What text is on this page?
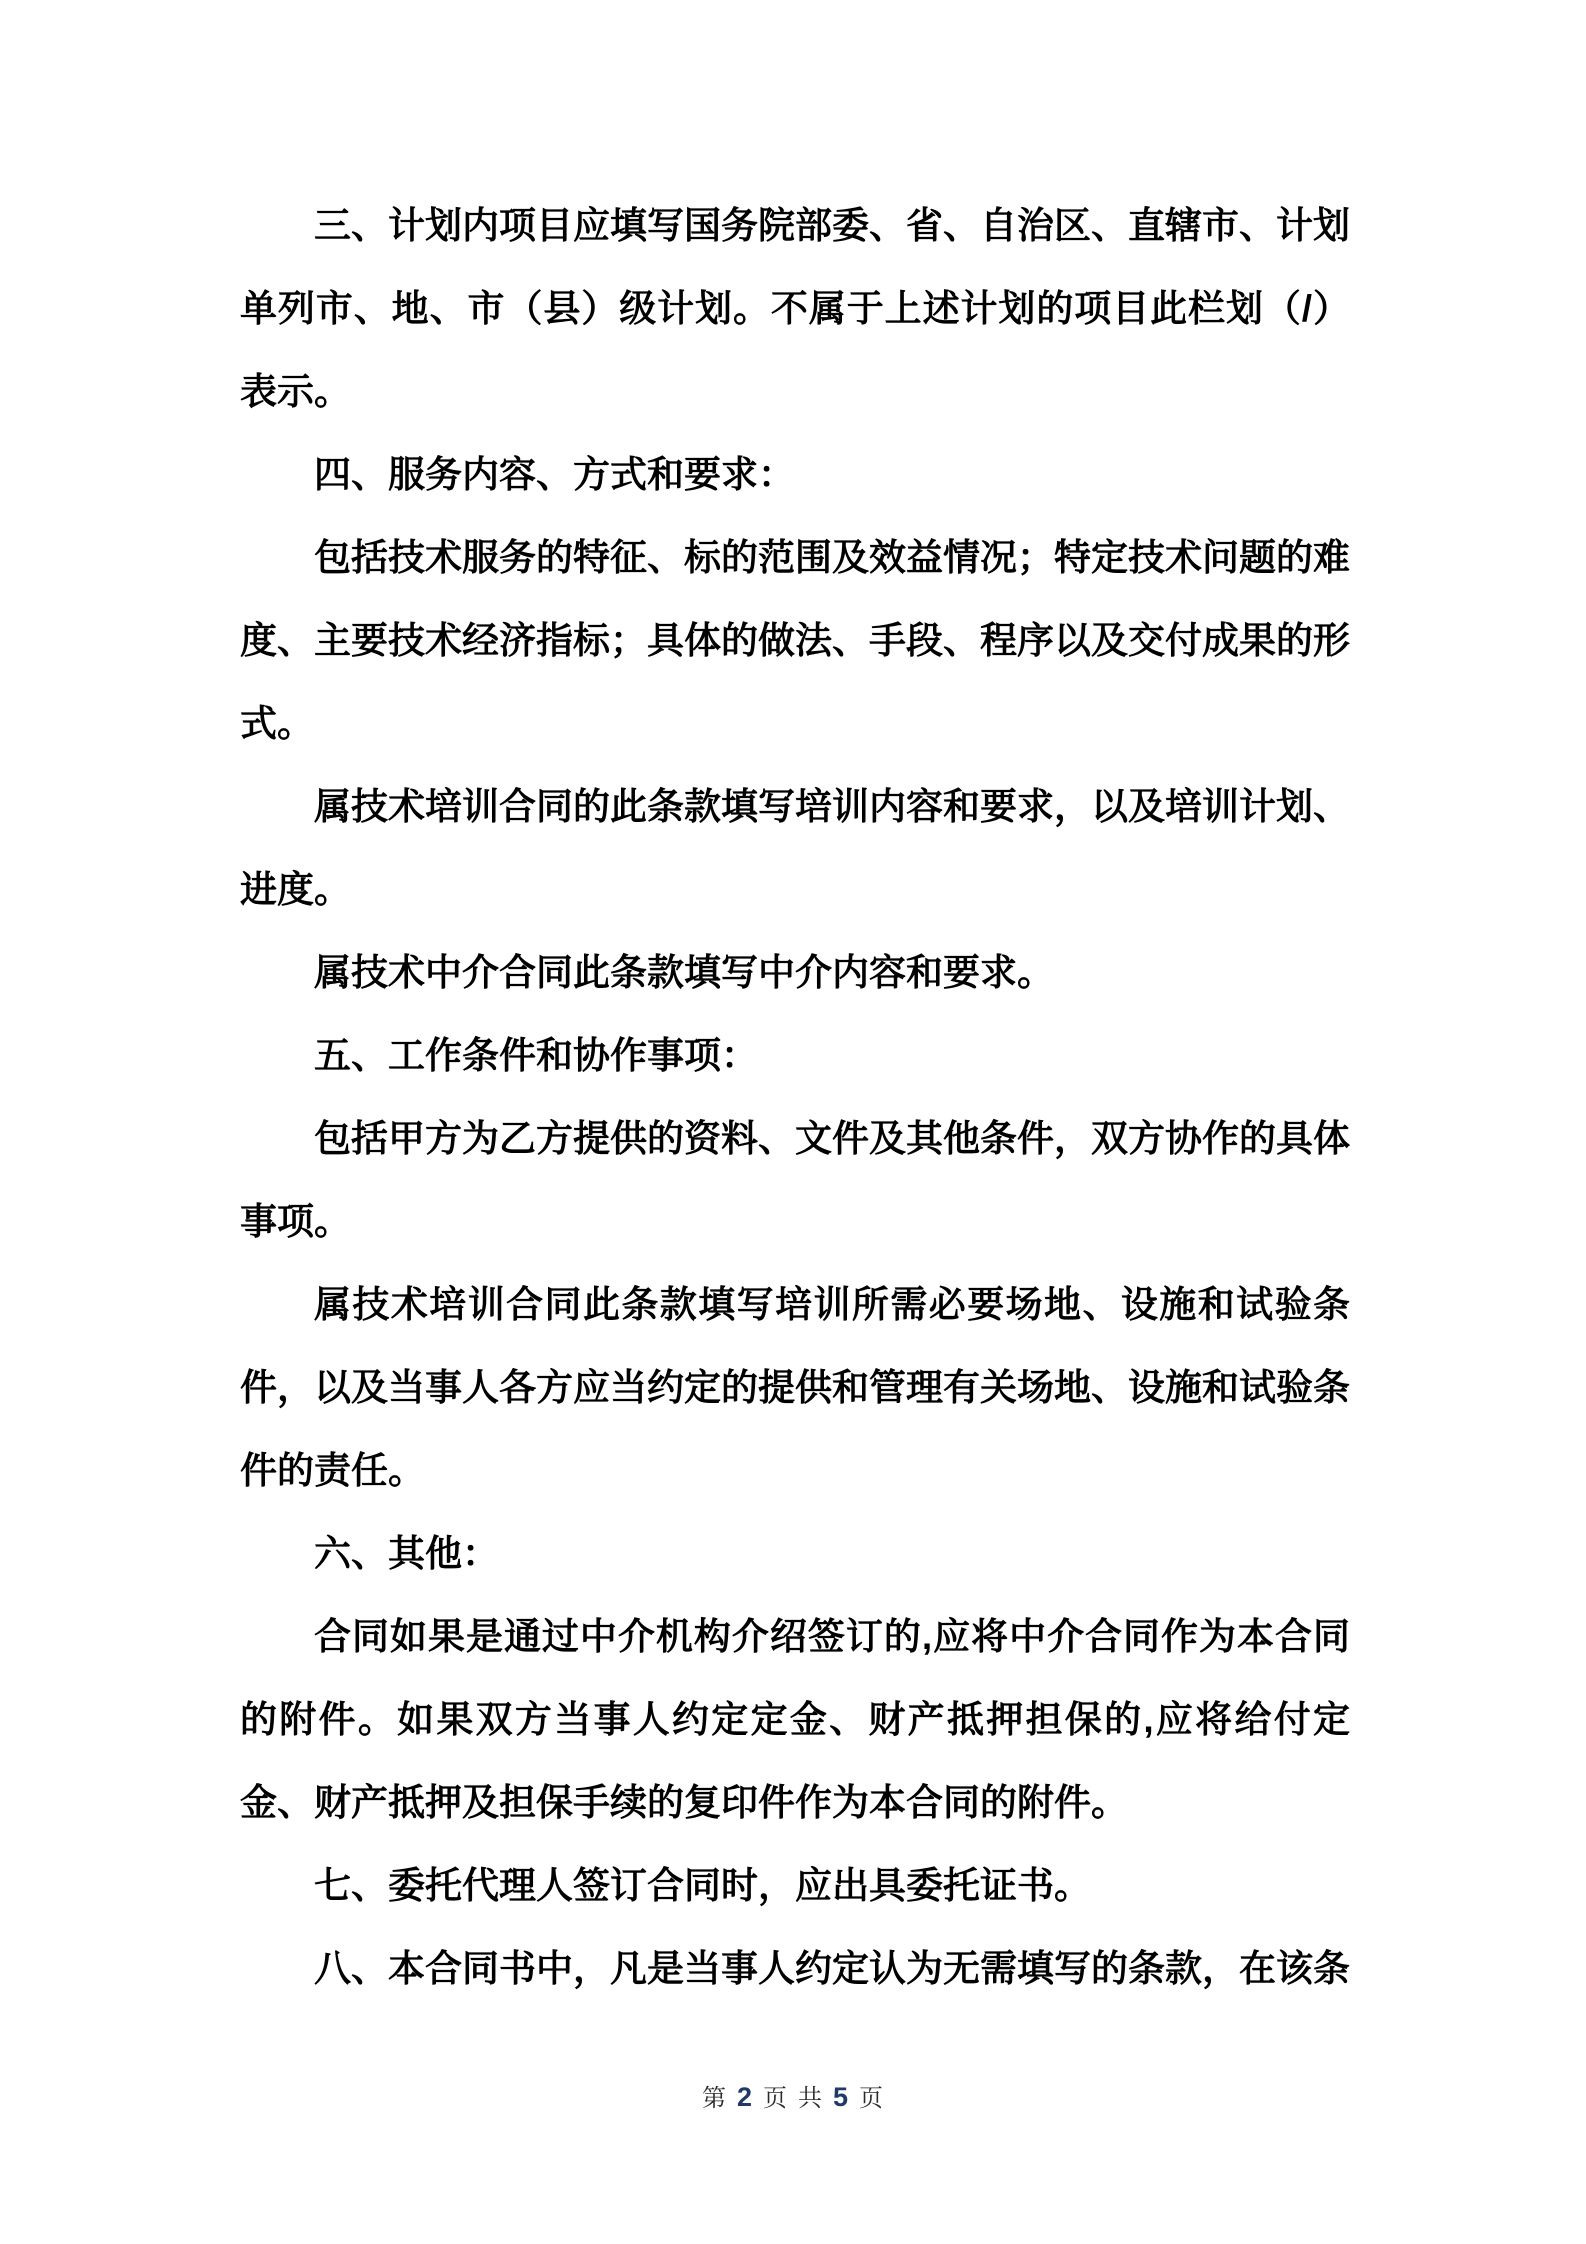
三、计划内项目应填写国务院部委、省、自治区、直辖市、计划单列市、地、市（县）级计划。不属于上述计划的项目此栏划（/）表示。

四、服务内容、方式和要求：

包括技术服务的特征、标的范围及效益情况；特定技术问题的难度、主要技术经济指标；具体的做法、手段、程序以及交付成果的形式。

属技术培训合同的此条款填写培训内容和要求，以及培训计划、进度。

属技术中介合同此条款填写中介内容和要求。

五、工作条件和协作事项：

包括甲方为乙方提供的资料、文件及其他条件，双方协作的具体事项。

属技术培训合同此条款填写培训所需必要场地、设施和试验条件，以及当事人各方应当约定的提供和管理有关场地、设施和试验条件的责任。

六、其他：

合同如果是通过中介机构介绍签订的,应将中介合同作为本合同的附件。如果双方当事人约定定金、财产抵押担保的,应将给付定金、财产抵押及担保手续的复印件作为本合同的附件。

七、委托代理人签订合同时，应出具委托证书。

八、本合同书中，凡是当事人约定认为无需填写的条款，在该条

第 2 页 共 5 页
